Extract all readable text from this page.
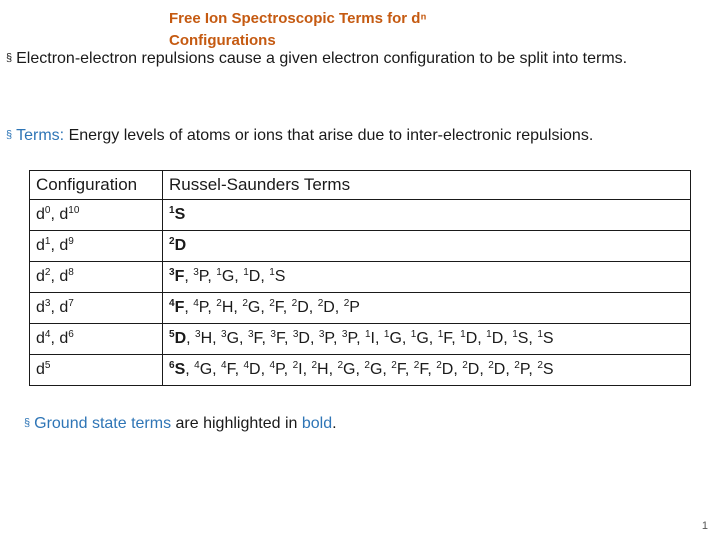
Free Ion Spectroscopic Terms for dⁿ Configurations
§ Electron-electron repulsions cause a given electron configuration to be split into terms.
§ Terms: Energy levels of atoms or ions that arise due to inter-electronic repulsions.
Configuration	Russel-Saunders Terms
$d^0$, $d^{10}$	$^1$S
$d^1$, $d^9$	$^2$D
$d^2$, $d^8$	$^3$F, $^3$P, $^1$G, $^1$D, $^1$S
$d^3$, $d^7$	$^4$F, $^4$P, $^2$H, $^2$G, $^2$F, $^2$D, $^2$D, $^2$P
$d^4$, $d^6$	$^5$D, $^3$H, $^3$G, $^3$F, $^3$F, $^3$D, $^3$P, $^3$P, $^1$I, $^1$G, $^1$G, $^1$F, $^1$D, $^1$D, $^1$S, $^1$S
$d^5$	$^6$S, $^4$G, $^4$F, $^4$D, $^4$P, $^2$I, $^2$H, $^2$G, $^2$G, $^2$F, $^2$F, $^2$D, $^2$D, $^2$D, $^2$P, $^2$S
§ Ground state terms are highlighted in bold.
1
